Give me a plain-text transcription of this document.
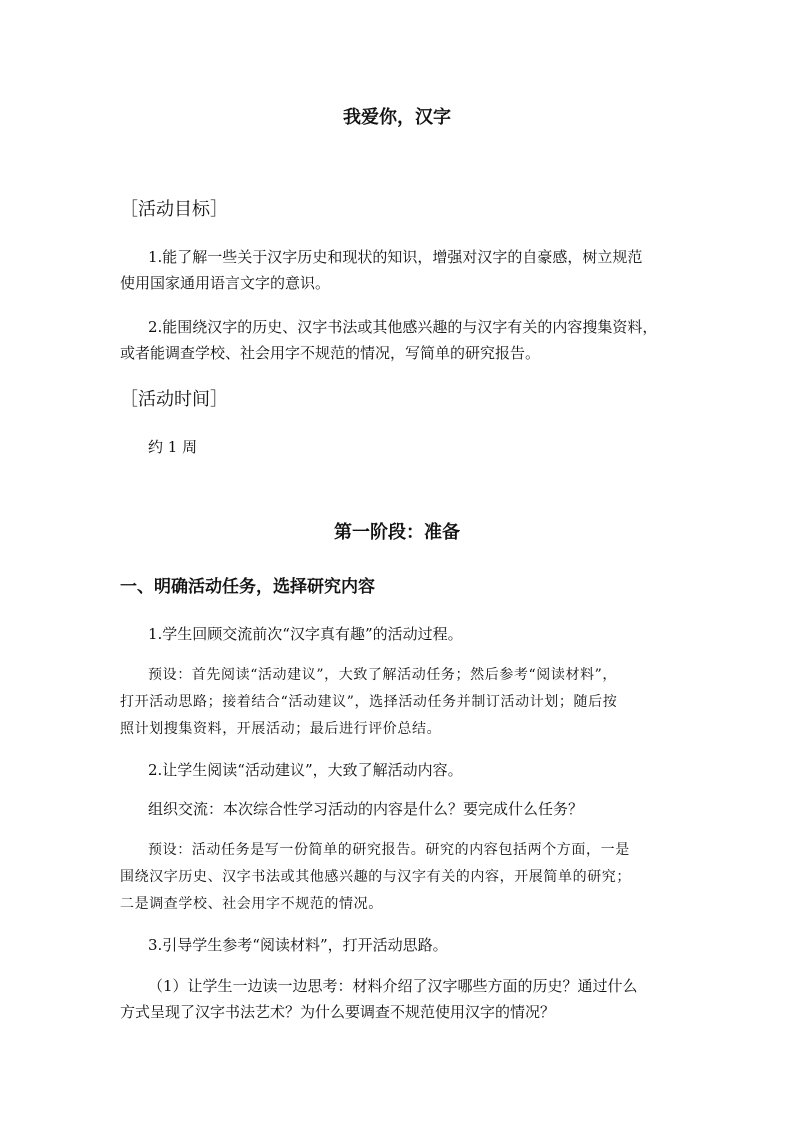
我爱你，汉字
［活动目标］
1.能了解一些关于汉字历史和现状的知识，增强对汉字的自豪感，树立规范
使用国家通用语言文字的意识。
2.能围绕汉字的历史、汉字书法或其他感兴趣的与汉字有关的内容搜集资料，
或者能调查学校、社会用字不规范的情况，写简单的研究报告。
［活动时间］
约 1 周
第一阶段：准备
一、明确活动任务，选择研究内容
1.学生回顾交流前次“汉字真有趣”的活动过程。
预设：首先阅读“活动建议”，大致了解活动任务；然后参考“阅读材料”，
打开活动思路；接着结合“活动建议”，选择活动任务并制订活动计划；随后按
照计划搜集资料，开展活动；最后进行评价总结。
2.让学生阅读“活动建议”，大致了解活动内容。
组织交流：本次综合性学习活动的内容是什么？要完成什么任务？
预设：活动任务是写一份简单的研究报告。研究的内容包括两个方面，一是
围绕汉字历史、汉字书法或其他感兴趣的与汉字有关的内容，开展简单的研究；
二是调查学校、社会用字不规范的情况。
3.引导学生参考“阅读材料”，打开活动思路。
（1）让学生一边读一边思考：材料介绍了汉字哪些方面的历史？通过什么
方式呈现了汉字书法艺术？为什么要调查不规范使用汉字的情况？
